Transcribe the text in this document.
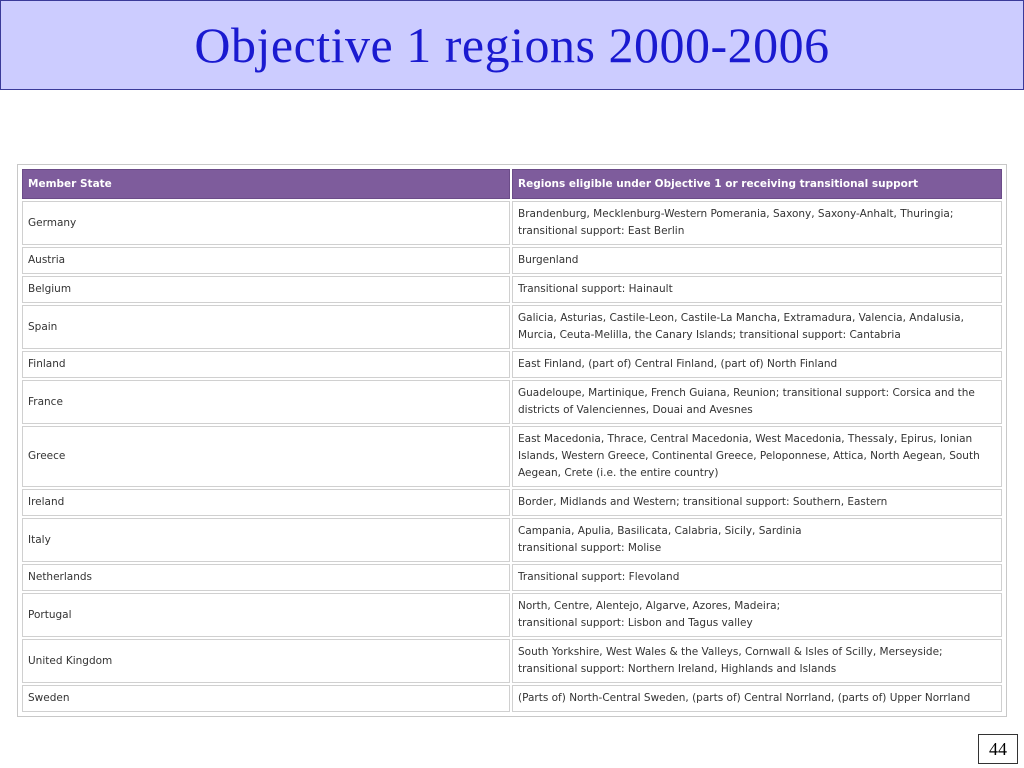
Objective 1 regions 2000-2006
Member State	Regions eligible under Objective 1 or receiving transitional support
Germany	Brandenburg, Mecklenburg-Western Pomerania, Saxony, Saxony-Anhalt, Thuringia;
transitional support: East Berlin

Austria	Burgenland

Belgium	Transitional support: Hainault

Spain	Galicia, Asturias, Castile-Leon, Castile-La Mancha, Extramadura, Valencia, Andalusia,
Murcia, Ceuta-Melilla, the Canary Islands; transitional support: Cantabria

Finland	East Finland, (part of) Central Finland, (part of) North Finland

France	Guadeloupe, Martinique, French Guiana, Reunion; transitional support: Corsica and the
districts of Valenciennes, Douai and Avesnes

Greece	East Macedonia, Thrace, Central Macedonia, West Macedonia, Thessaly, Epirus, Ionian
Islands, Western Greece, Continental Greece, Peloponnese, Attica, North Aegean, South
Aegean, Crete (i.e. the entire country)

Ireland	Border, Midlands and Western; transitional support: Southern, Eastern

Italy	Campania, Apulia, Basilicata, Calabria, Sicily, Sardinia
transitional support: Molise

Netherlands	Transitional support: Flevoland

Portugal	North, Centre, Alentejo, Algarve, Azores, Madeira;
transitional support: Lisbon and Tagus valley

United Kingdom	South Yorkshire, West Wales & the Valleys, Cornwall & Isles of Scilly, Merseyside;
transitional support: Northern Ireland, Highlands and Islands

Sweden	(Parts of) North-Central Sweden, (parts of) Central Norrland, (parts of) Upper Norrland
44
